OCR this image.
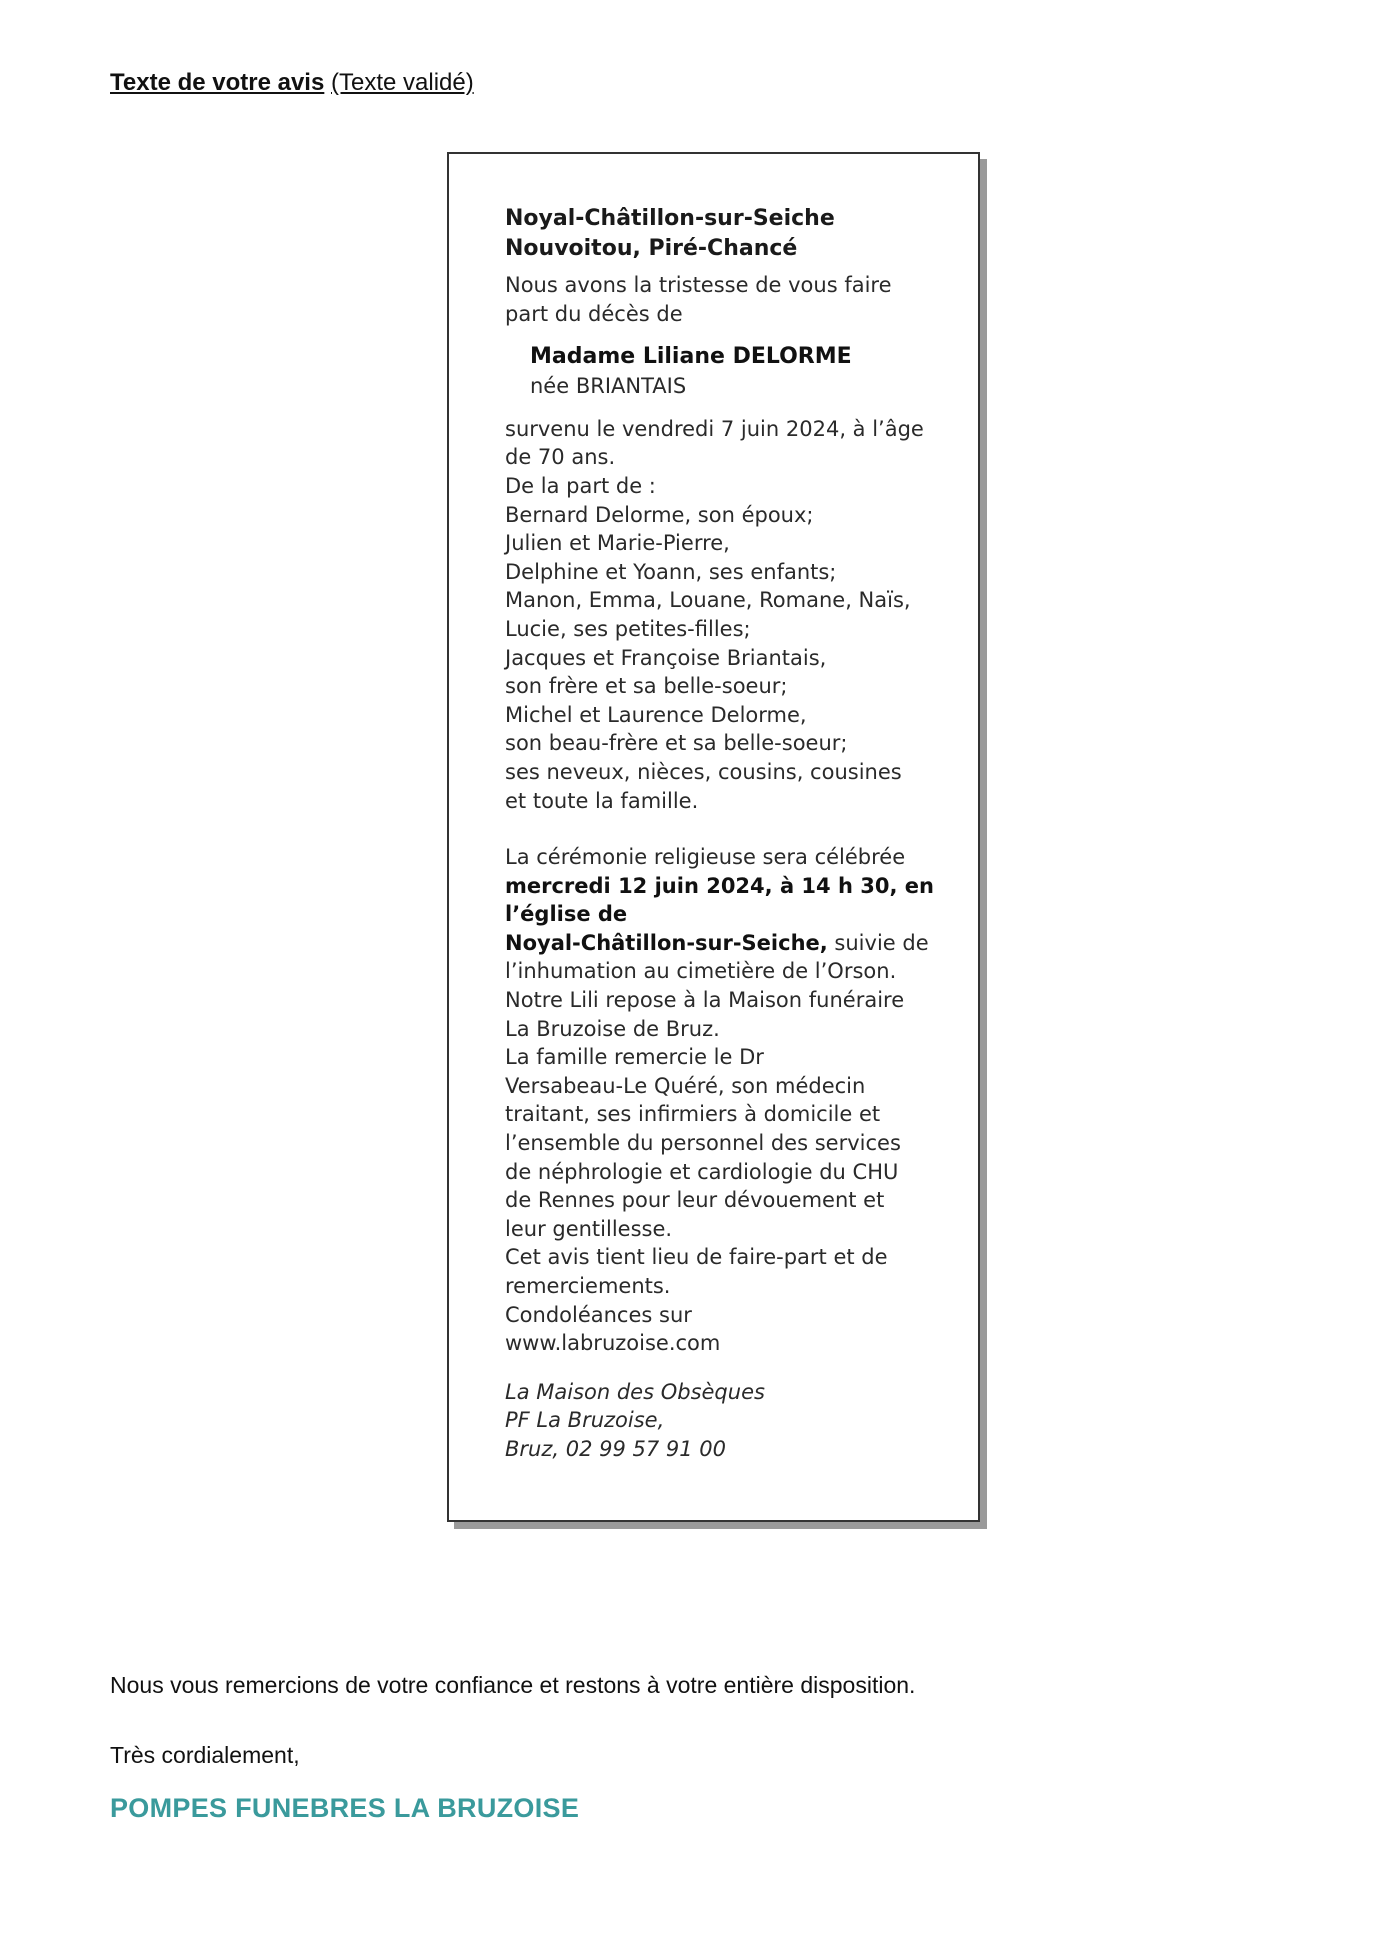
Texte de votre avis (Texte validé)
Noyal-Châtillon-sur-Seiche
Nouvoitou, Piré-Chancé
Nous avons la tristesse de vous faire
part du décès de
Madame Liliane DELORME
née BRIANTAIS
survenu le vendredi 7 juin 2024, à l’âge
de 70 ans.
De la part de :
Bernard Delorme, son époux;
Julien et Marie-Pierre,
Delphine et Yoann, ses enfants;
Manon, Emma, Louane, Romane, Naïs,
Lucie, ses petites-filles;
Jacques et Françoise Briantais,
son frère et sa belle-soeur;
Michel et Laurence Delorme,
son beau-frère et sa belle-soeur;
ses neveux, nièces, cousins, cousines
et toute la famille.
La cérémonie religieuse sera célébrée
mercredi 12 juin 2024, à 14 h 30, en
l’église de
Noyal-Châtillon-sur-Seiche, suivie de
l’inhumation au cimetière de l’Orson.
Notre Lili repose à la Maison funéraire
La Bruzoise de Bruz.
La famille remercie le Dr
Versabeau-Le Quéré, son médecin
traitant, ses infirmiers à domicile et
l’ensemble du personnel des services
de néphrologie et cardiologie du CHU
de Rennes pour leur dévouement et
leur gentillesse.
Cet avis tient lieu de faire-part et de
remerciements.
Condoléances sur
www.labruzoise.com
La Maison des Obsèques
PF La Bruzoise,
Bruz, 02 99 57 91 00
Nous vous remercions de votre confiance et restons à votre entière disposition.
Très cordialement,
POMPES FUNEBRES LA BRUZOISE
